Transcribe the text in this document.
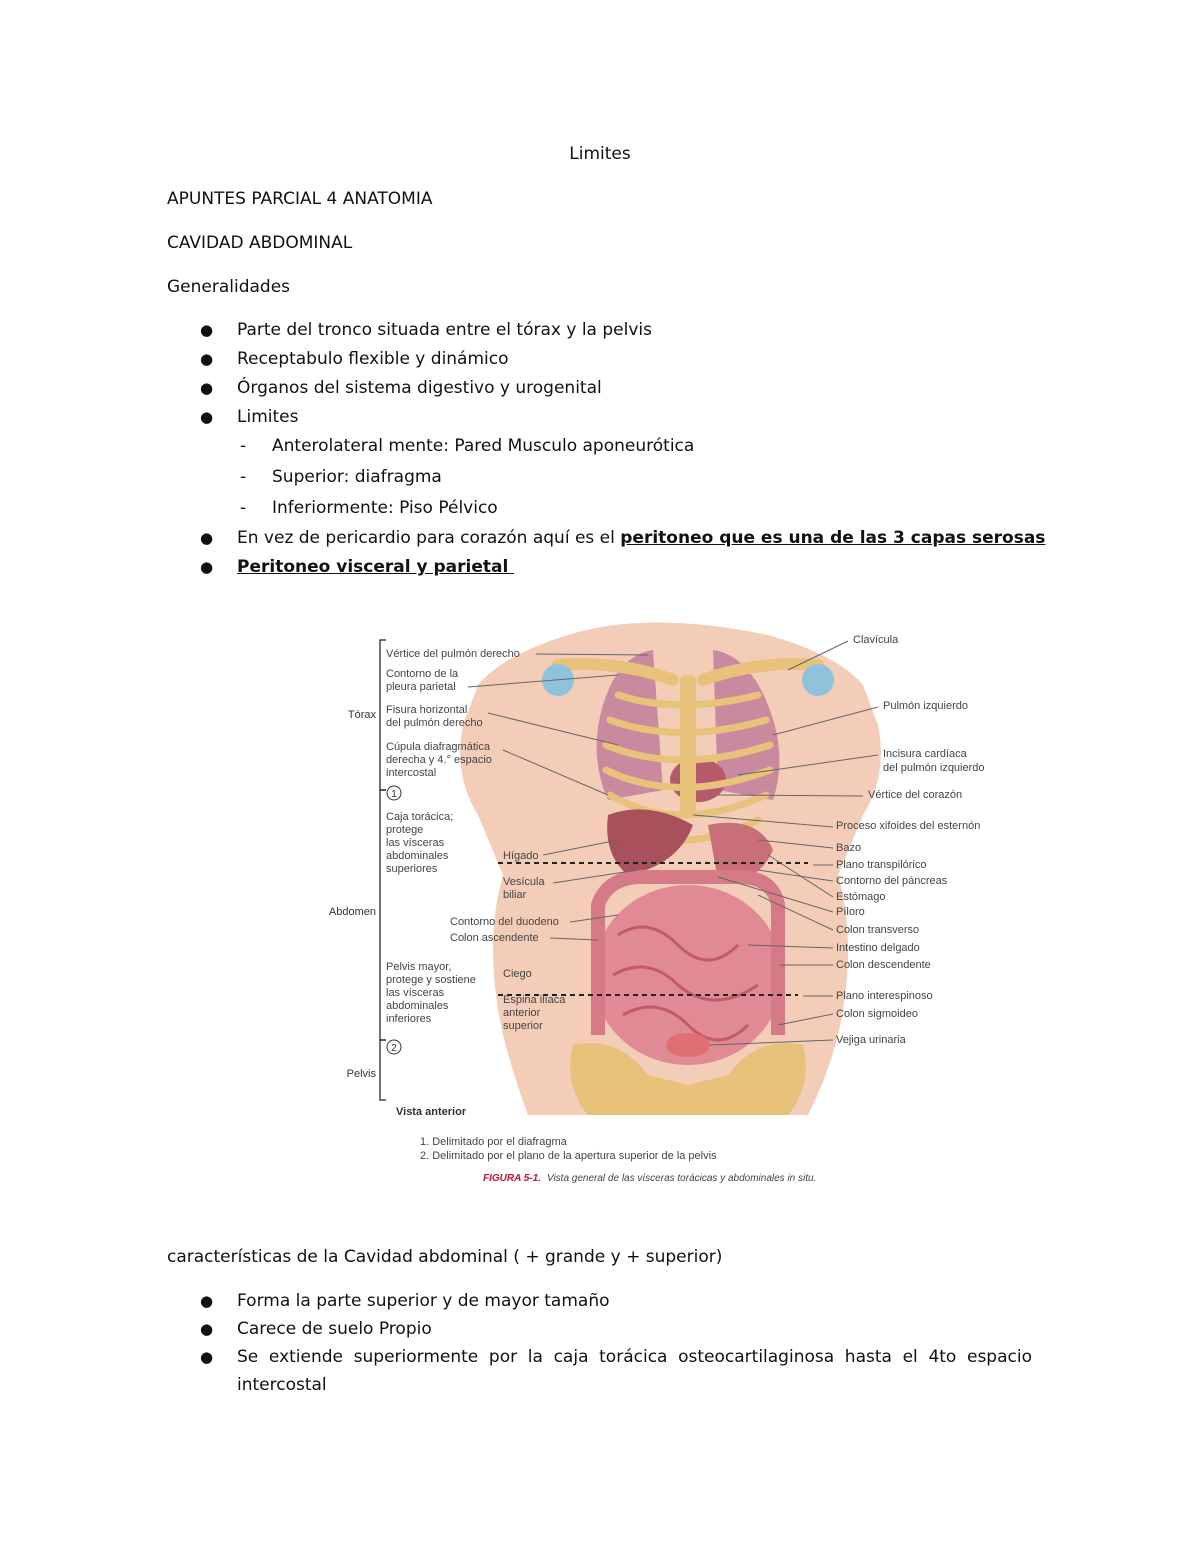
Limites
APUNTES PARCIAL 4 ANATOMIA
CAVIDAD ABDOMINAL
Generalidades
● Parte del tronco situada entre el tórax y la pelvis
● Receptabulo flexible y dinámico
● Órganos del sistema digestivo y urogenital
● Limites
- Anterolateral mente: Pared Musculo aponeurótica
- Superior: diafragma
- Inferiormente: Piso Pélvico
● En vez de pericardio para corazón aquí es el peritoneo que es una de las 3 capas serosas
● Peritoneo visceral y parietal
Tórax
Abdomen
Pelvis
1
2
Vértice del pulmón derecho
Contorno de la
pleura parietal
Fisura horizontal
del pulmón derecho
Cúpula diafragmática
derecha y 4.° espacio
intercostal
Caja torácica;
protege
las vísceras
abdominales
superiores
Hígado
Vesícula
biliar
Contorno del duodeno
Colon ascendente
Pelvis mayor,
protege y sostiene
las vísceras
abdominales
inferiores
Ciego
Espina ilíaca
anterior
superior
Clavícula
Pulmón izquierdo
Incisura cardíaca
del pulmón izquierdo
Vértice del corazón
Proceso xifoides del esternón
Bazo
Plano transpilórico
Contorno del páncreas
Estómago
Píloro
Colon transverso
Intestino delgado
Colon descendente
Plano interespinoso
Colon sigmoideo
Vejiga urinaria
Vista anterior
1. Delimitado por el diafragma
2. Delimitado por el plano de la apertura superior de la pelvis
FIGURA 5-1. Vista general de las vísceras torácicas y abdominales in situ.
características de la Cavidad abdominal ( + grande y + superior)
● Forma la parte superior y de mayor tamaño
● Carece de suelo Propio
● Se extiende superiormente por la caja torácica osteocartilaginosa hasta el 4to espacio intercostal
